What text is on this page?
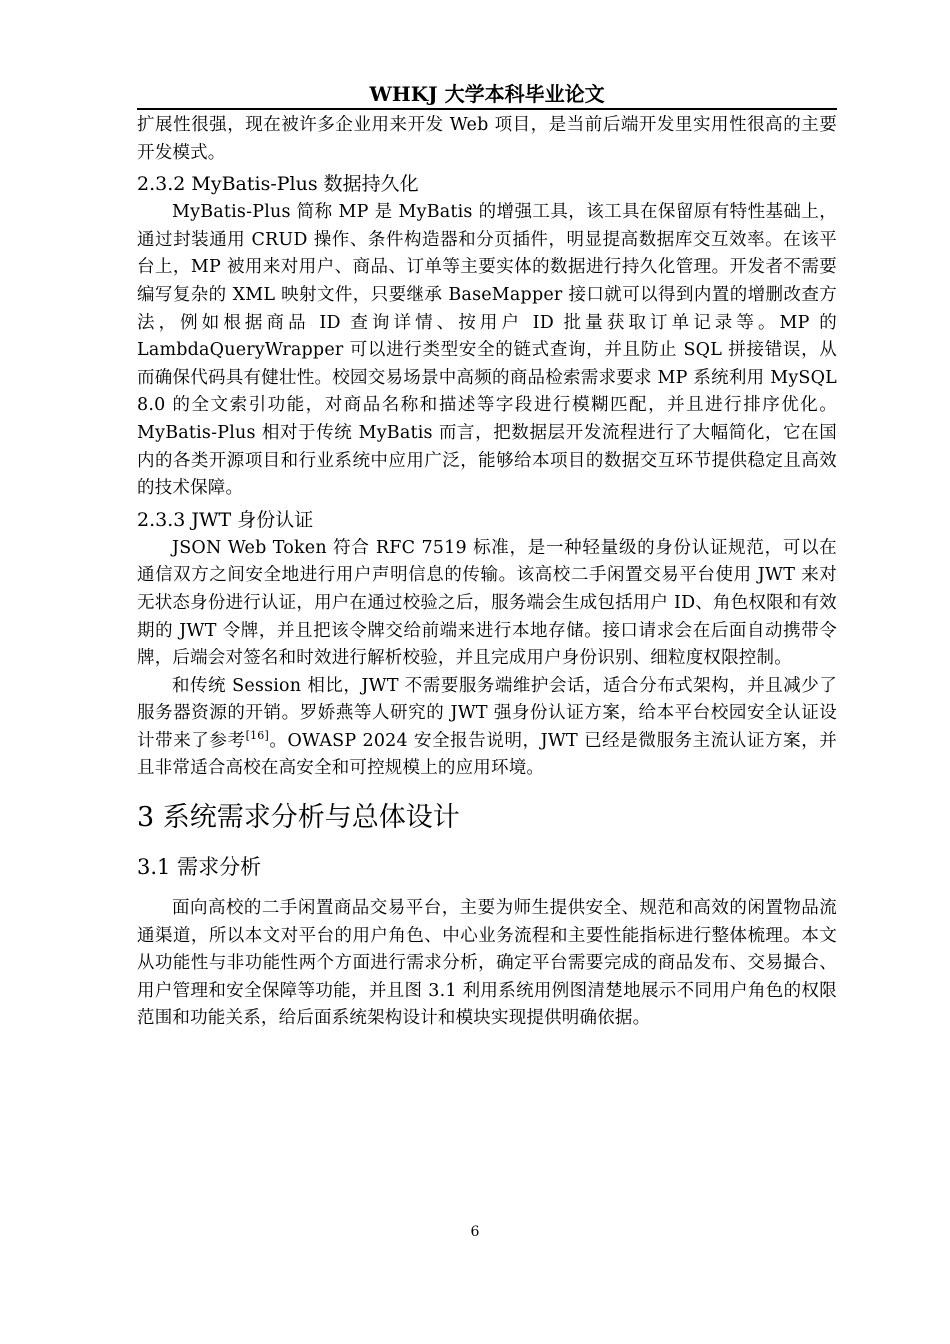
WHKJ 大学本科毕业论文

扩展性很强，现在被许多企业用来开发 Web 项目，是当前后端开发里实用性很高的主要开发模式。

2.3.2 MyBatis-Plus 数据持久化

MyBatis-Plus 简称 MP 是 MyBatis 的增强工具，该工具在保留原有特性基础上，通过封装通用 CRUD 操作、条件构造器和分页插件，明显提高数据库交互效率。在该平台上，MP 被用来对用户、商品、订单等主要实体的数据进行持久化管理。开发者不需要编写复杂的 XML 映射文件，只要继承 BaseMapper 接口就可以得到内置的增删改查方法，例如根据商品 ID 查询详情、按用户 ID 批量获取订单记录等。MP 的 LambdaQueryWrapper 可以进行类型安全的链式查询，并且防止 SQL 拼接错误，从而确保代码具有健壮性。校园交易场景中高频的商品检索需求要求 MP 系统利用 MySQL 8.0 的全文索引功能，对商品名称和描述等字段进行模糊匹配，并且进行排序优化。MyBatis-Plus 相对于传统 MyBatis 而言，把数据层开发流程进行了大幅简化，它在国内的各类开源项目和行业系统中应用广泛，能够给本项目的数据交互环节提供稳定且高效的技术保障。

2.3.3 JWT 身份认证

JSON Web Token 符合 RFC 7519 标准，是一种轻量级的身份认证规范，可以在通信双方之间安全地进行用户声明信息的传输。该高校二手闲置交易平台使用 JWT 来对无状态身份进行认证，用户在通过校验之后，服务端会生成包括用户 ID、角色权限和有效期的 JWT 令牌，并且把该令牌交给前端来进行本地存储。接口请求会在后面自动携带令牌，后端会对签名和时效进行解析校验，并且完成用户身份识别、细粒度权限控制。

和传统 Session 相比，JWT 不需要服务端维护会话，适合分布式架构，并且减少了服务器资源的开销。罗娇燕等人研究的 JWT 强身份认证方案，给本平台校园安全认证设计带来了参考[16]。OWASP 2024 安全报告说明，JWT 已经是微服务主流认证方案，并且非常适合高校在高安全和可控规模上的应用环境。

3 系统需求分析与总体设计
3.1 需求分析

面向高校的二手闲置商品交易平台，主要为师生提供安全、规范和高效的闲置物品流通渠道，所以本文对平台的用户角色、中心业务流程和主要性能指标进行整体梳理。本文从功能性与非功能性两个方面进行需求分析，确定平台需要完成的商品发布、交易撮合、用户管理和安全保障等功能，并且图 3.1 利用系统用例图清楚地展示不同用户角色的权限范围和功能关系，给后面系统架构设计和模块实现提供明确依据。

6
